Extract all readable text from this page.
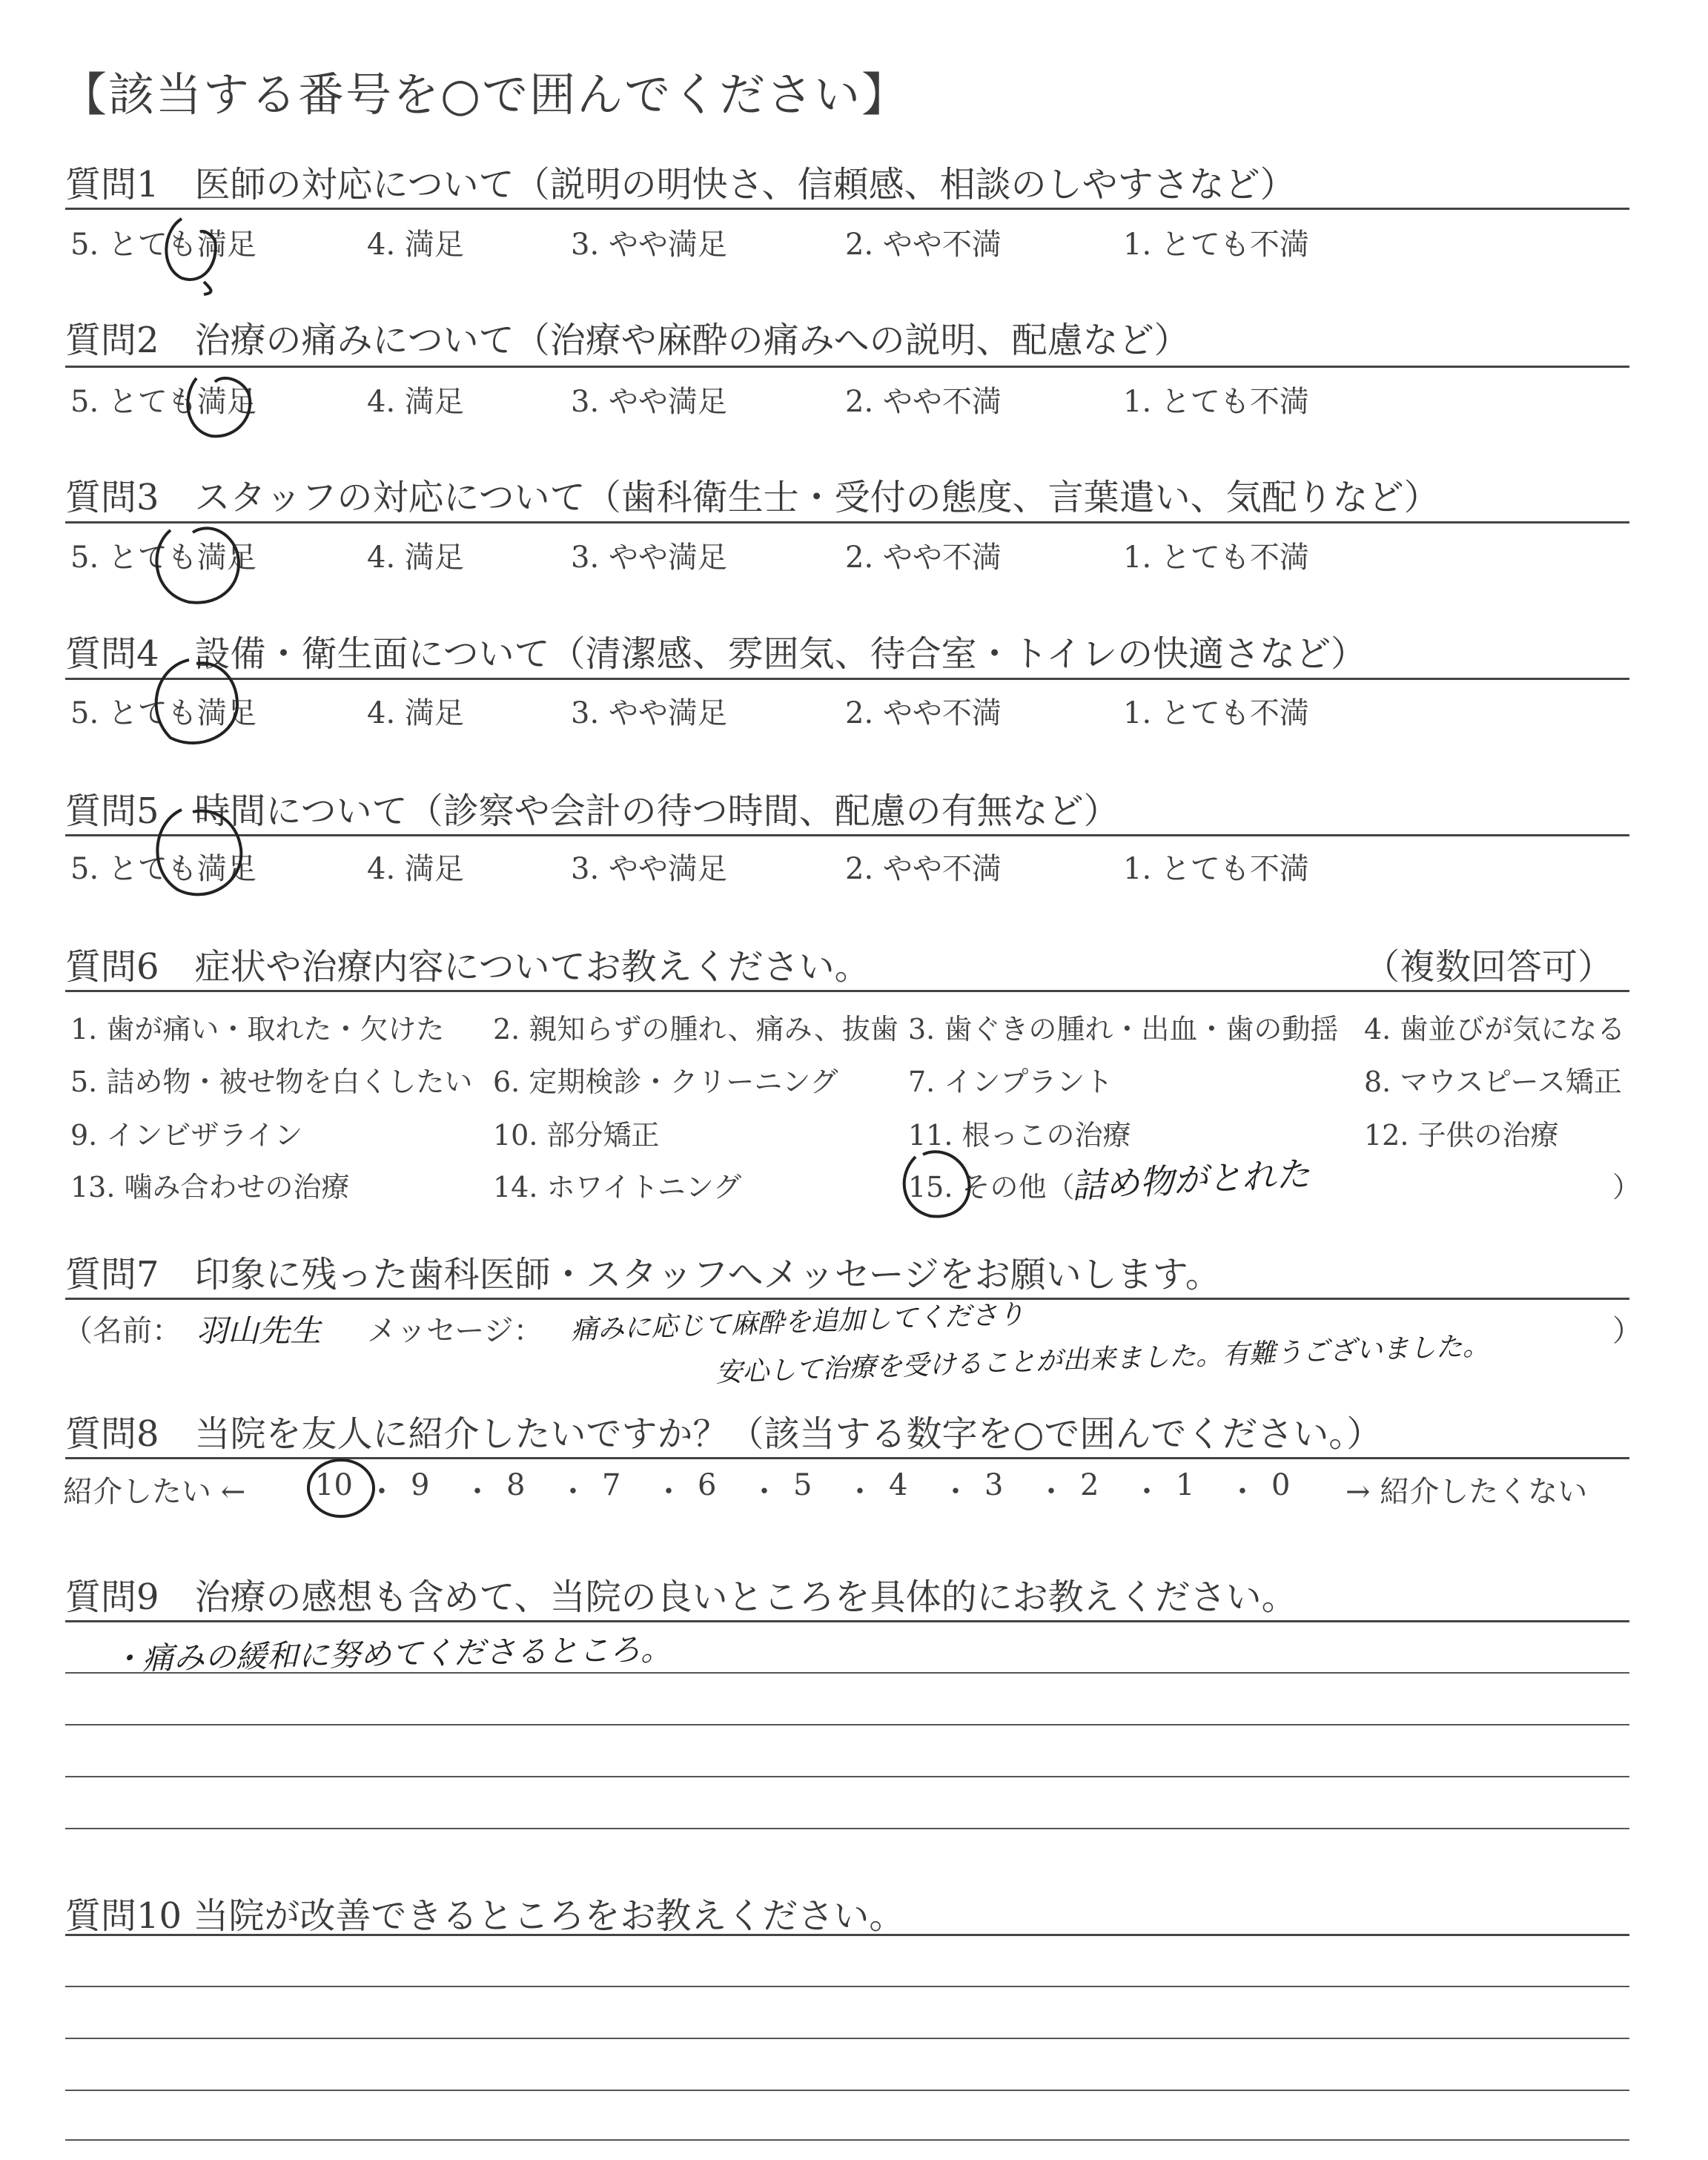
【該当する番号を○で囲んでください】
質問1　医師の対応について（説明の明快さ、信頼感、相談のしやすさなど）
5. とても満足	4. 満足	3. やや満足	2. やや不満	1. とても不満
質問2　治療の痛みについて（治療や麻酔の痛みへの説明、配慮など）
5. とても満足	4. 満足	3. やや満足	2. やや不満	1. とても不満
質問3　スタッフの対応について（歯科衛生士・受付の態度、言葉遣い、気配りなど）
5. とても満足	4. 満足	3. やや満足	2. やや不満	1. とても不満
質問4　設備・衛生面について（清潔感、雰囲気、待合室・トイレの快適さなど）
5. とても満足	4. 満足	3. やや満足	2. やや不満	1. とても不満
質問5　時間について（診察や会計の待つ時間、配慮の有無など）
5. とても満足	4. 満足	3. やや満足	2. やや不満	1. とても不満
質問6　症状や治療内容についてお教えください。	（複数回答可）
1. 歯が痛い・取れた・欠けた 2. 親知らずの腫れ、痛み、抜歯 3. 歯ぐきの腫れ・出血・歯の動揺 4. 歯並びが気になる
5. 詰め物・被せ物を白くしたい 6. 定期検診・クリーニング 7. インプラント	8. マウスピース矯正
9. インビザライン	10. 部分矯正	11. 根っこの治療	12. 子供の治療
13. 噛み合わせの治療	14. ホワイトニング	15. その他（
詰め物がとれた	）
質問7　印象に残った歯科医師・スタッフへメッセージをお願いします。
（名前： 羽山先生 メッセージ： 痛みに応じて麻酔を追加してくださり
安心して治療を受けることが出来ました。有難うございました。	）
質問8　当院を友人に紹介したいですか？（該当する数字を○で囲んでください。）
紹介したい ← 10 ・ 9 ・ 8 ・ 7 ・ 6 ・ 5 ・ 4 ・ 3 ・ 2 ・ 1 ・ 0 → 紹介したくない
質問9　治療の感想も含めて、当院の良いところを具体的にお教えください。
・痛みの緩和に努めてくださるところ。
質問10 当院が改善できるところをお教えください。
